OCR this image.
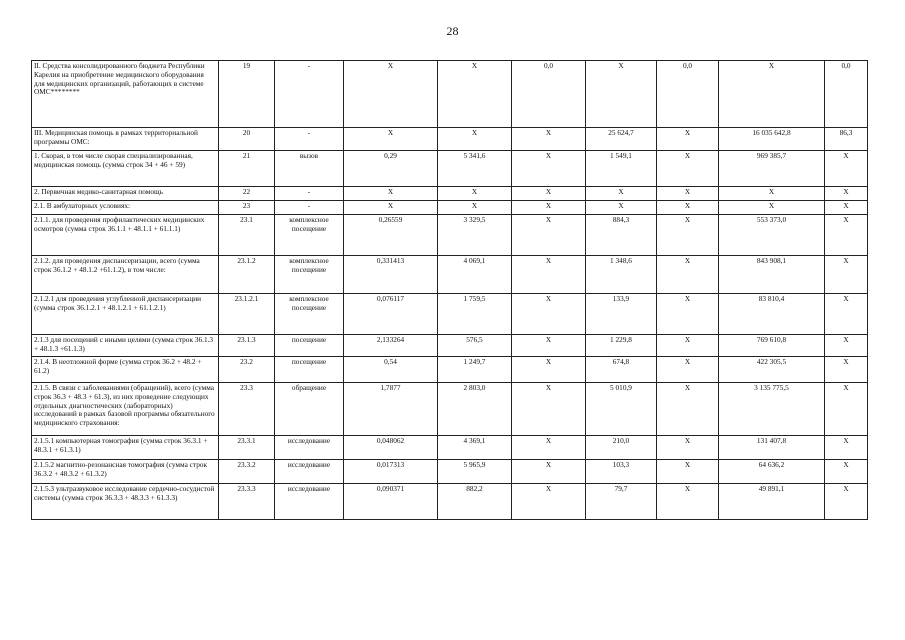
28
II. Средства консолидированного бюджета Республики Карелия на приобретение медицинского оборудования для медицинских организаций, работающих в системе ОМС********	19	-	X	X	0,0	X	0,0	X	0,0
III. Медицинская помощь в рамках территориальной программы ОМС:	20	-	X	X	X	25 624,7	X	16 035 642,8	86,3
1. Скорая, в том числе скорая специализированная, медицинская помощь (сумма строк 34 + 46 + 59)	21	вызов	0,29	5 341,6	X	1 549,1	X	969 385,7	X
2. Первичная медико-санитарная помощь	22	-	X	X	X	X	X	X	X
2.1. В амбулаторных условиях:	23	-	X	X	X	X	X	X	X
2.1.1. для проведения профилактических медицинских осмотров (сумма строк 36.1.1 + 48.1.1 + 61.1.1)	23.1	комплексное посещение	0,26559	3 329,5	X	884,3	X	553 373,0	X
2.1.2. для проведения диспансеризации, всего (сумма строк 36.1.2 + 48.1.2 +61.1.2), в том числе:	23.1.2	комплексное посещение	0,331413	4 069,1	X	1 348,6	X	843 908,1	X
2.1.2.1 для проведения углубленной диспансеризации (сумма строк 36.1.2.1 + 48.1.2.1 + 61.1.2.1)	23.1.2.1	комплексное посещение	0,076117	1 759,5	X	133,9	X	83 810,4	X
2.1.3 для посещений с иными целями (сумма строк 36.1.3 + 48.1.3 +61.1.3)	23.1.3	посещение	2,133264	576,5	X	1 229,8	X	769 610,8	X
2.1.4. В неотложной форме (сумма строк 36.2 + 48.2 + 61.2)	23.2	посещение	0,54	1 249,7	X	674,8	X	422 305,5	X
2.1.5. В связи с заболеваниями (обращений), всего (сумма строк 36.3 + 48.3 + 61.3), из них проведение следующих отдельных диагностических (лабораторных) исследований в рамках базовой программы обязательного медицинского страхования:	23.3	обращение	1,7877	2 803,0	X	5 010,9	X	3 135 775,5	X
2.1.5.1 компьютерная томография (сумма строк 36.3.1 + 48.3.1 + 61.3.1)	23.3.1	исследование	0,048062	4 369,1	X	210,0	X	131 407,8	X
2.1.5.2 магнитно-резонансная томография (сумма строк 36.3.2 + 48.3.2 + 61.3.2)	23.3.2	исследование	0,017313	5 965,9	X	103,3	X	64 636,2	X
2.1.5.3 ультразвуковое исследование сердечно-сосудистой системы (сумма строк 36.3.3 + 48.3.3 + 61.3.3)	23.3.3	исследование	0,090371	882,2	X	79,7	X	49 891,1	X
